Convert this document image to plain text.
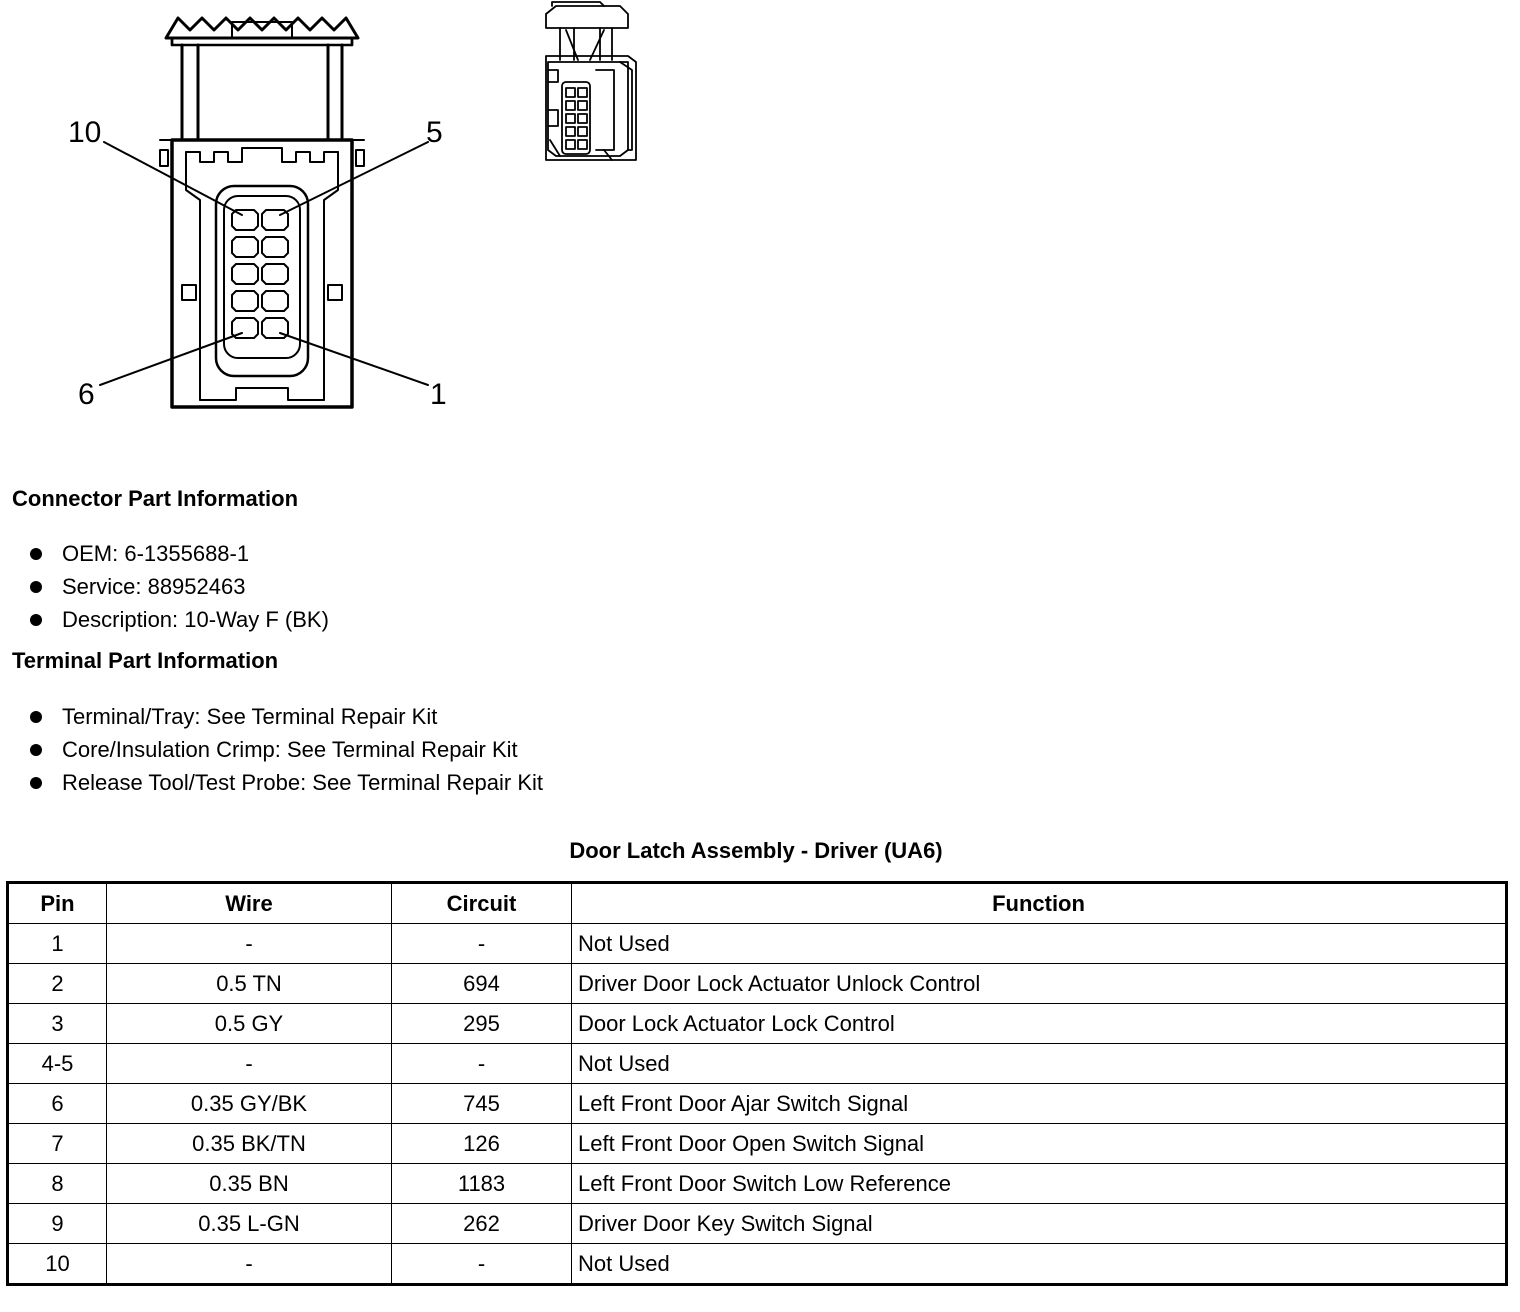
10	5
6	1
Connector Part Information
OEM: 6-1355688-1
Service: 88952463
Description: 10-Way F (BK)
Terminal Part Information
Terminal/Tray: See Terminal Repair Kit
Core/Insulation Crimp: See Terminal Repair Kit
Release Tool/Test Probe: See Terminal Repair Kit
Door Latch Assembly - Driver (UA6)
Pin	Wire	Circuit	Function
1	-	-	Not Used
2	0.5 TN	694	Driver Door Lock Actuator Unlock Control
3	0.5 GY	295	Door Lock Actuator Lock Control
4-5	-	-	Not Used
6	0.35 GY/BK	745	Left Front Door Ajar Switch Signal
7	0.35 BK/TN	126	Left Front Door Open Switch Signal
8	0.35 BN	1183	Left Front Door Switch Low Reference
9	0.35 L-GN	262	Driver Door Key Switch Signal
10	-	-	Not Used
